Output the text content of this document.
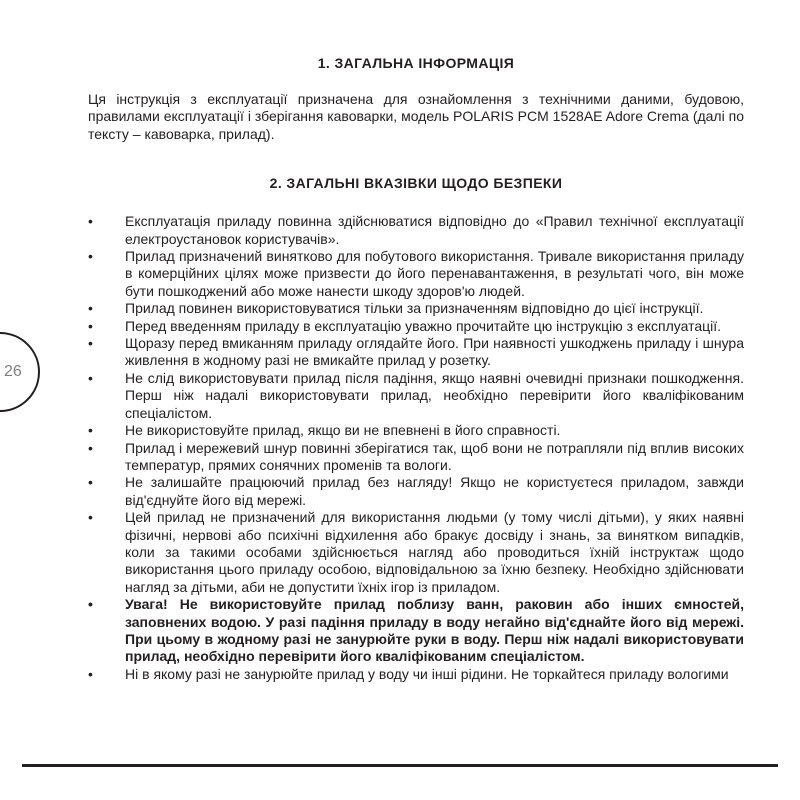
26
1. ЗАГАЛЬНА ІНФОРМАЦІЯ

Ця інструкція з експлуатації призначена для ознайомлення з технічними даними, будовою, правилами експлуатації і зберігання кавоварки, модель POLARIS PCM 1528AE Adore Crema (далі по тексту – кавоварка, прилад).

2. ЗАГАЛЬНІ ВКАЗІВКИ ЩОДО БЕЗПЕКИ
• Експлуатація приладу повинна здійснюватися відповідно до «Правил технічної експлуатації електроустановок користувачів».
• Прилад призначений винятково для побутового використання. Тривале використання приладу в комерційних цілях може призвести до його перенавантаження, в результаті чого, він може бути пошкоджений або може нанести шкоду здоров'ю людей.
• Прилад повинен використовуватися тільки за призначенням відповідно до цієї інструкції.
• Перед введенням приладу в експлуатацію уважно прочитайте цю інструкцію з експлуатації.
• Щоразу перед вмиканням приладу оглядайте його. При наявності ушкоджень приладу і шнура живлення в жодному разі не вмикайте прилад у розетку.
• Не слід використовувати прилад після падіння, якщо наявні очевидні признаки пошкодження. Перш ніж надалі використовувати прилад, необхідно перевірити його кваліфікованим спеціалістом.
• Не використовуйте прилад, якщо ви не впевнені в його справності.
• Прилад і мережевий шнур повинні зберігатися так, щоб вони не потрапляли під вплив високих температур, прямих сонячних променів та вологи.
• Не залишайте працюючий прилад без нагляду! Якщо не користуєтеся приладом, завжди від'єднуйте його від мережі.
• Цей прилад не призначений для використання людьми (у тому числі дітьми), у яких наявні фізичні, нервові або психічні відхилення або бракує досвіду і знань, за винятком випадків, коли за такими особами здійснюється нагляд або проводиться їхній інструктаж щодо використання цього приладу особою, відповідальною за їхню безпеку. Необхідно здійснювати нагляд за дітьми, аби не допустити їхніх ігор із приладом.
• Увага! Не використовуйте прилад поблизу ванн, раковин або інших ємностей, заповнених водою. У разі падіння приладу в воду негайно від'єднайте його від мережі. При цьому в жодному разі не занурюйте руки в воду. Перш ніж надалі використовувати прилад, необхідно перевірити його кваліфікованим спеціалістом.
• Ні в якому разі не занурюйте прилад у воду чи інші рідини. Не торкайтеся приладу вологими
